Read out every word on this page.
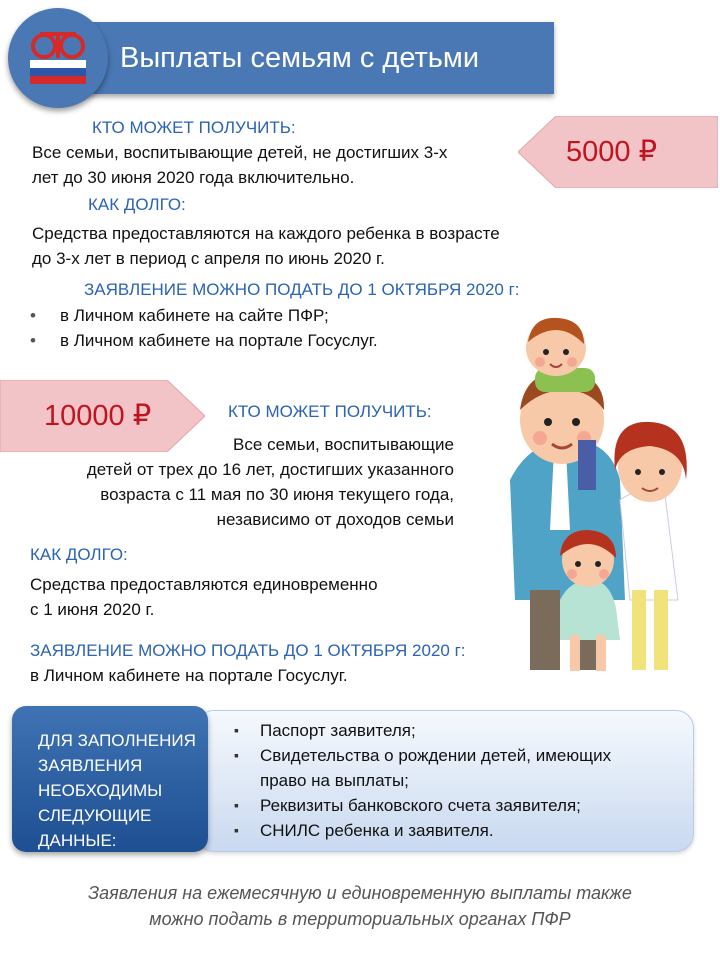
Выплаты семьям с детьми
5000 ₽
КТО МОЖЕТ ПОЛУЧИТЬ:
Все семьи, воспитывающие детей, не достигших 3-х
лет до 30 июня 2020 года включительно.
КАК ДОЛГО:
Средства предоставляются на каждого ребенка в возрасте
до 3-х лет в период с апреля по июнь 2020 г.
ЗАЯВЛЕНИЕ МОЖНО ПОДАТЬ ДО 1 ОКТЯБРЯ 2020 г:
• в Личном кабинете на сайте ПФР;
• в Личном кабинете на портале Госуслуг.
10000 ₽	КТО МОЖЕТ ПОЛУЧИТЬ:
Все семьи, воспитывающие
детей от трех до 16 лет, достигших указанного
возраста с 11 мая по 30 июня текущего года,
независимо от доходов семьи
КАК ДОЛГО:
Средства предоставляются единовременно
с 1 июня 2020 г.
ЗАЯВЛЕНИЕ МОЖНО ПОДАТЬ ДО 1 ОКТЯБРЯ 2020 г:
в Личном кабинете на портале Госуслуг.
▪ Паспорт заявителя;
▪ Свидетельства о рождении детей, имеющих
право на выплаты;
▪ Реквизиты банковского счета заявителя;
▪ СНИЛС ребенка и заявителя.
ДЛЯ ЗАПОЛНЕНИЯ
ЗАЯВЛЕНИЯ
НЕОБХОДИМЫ
СЛЕДУЮЩИЕ
ДАННЫЕ:
Заявления на ежемесячную и единовременную выплаты также
можно подать в территориальных органах ПФР
